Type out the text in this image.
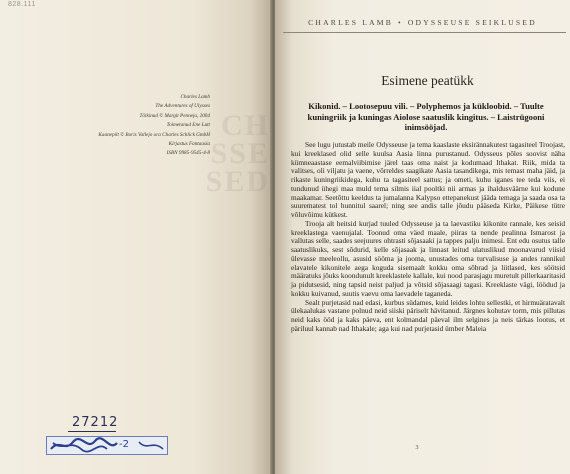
828.111
CH
SSE
SED
Charles Lamb
The Adventures of Ulysses
Tõlkinud © Margit Penneja, 2004
Toimetanud Ene Lutt
Kaanepilt © Boris Vallejo ora Charles Schlick GmbH
Kirjastus Fantaasia
ISBN 9985-9545-4-8
27212
-2
CHARLES LAMB • ODYSSEUSE SEIKLUSED
Esimene peatükk
Kikonid. – Lootosepuu vili. – Polyphemos ja kükloobid. – Tuulte kuningriik ja kuningas Aiolose saatuslik kingitus. – Laistrügooni inimsööjad.

See lugu jutustab meile Odysseuse ja tema kaaslaste eksirännakutest tagasiteel Troojast, kui kreeklased olid selle kuulsa Aasia linna purustanud. Odysseus põles soovist näha kümneaastase eemalviibimise järel taas oma naist ja kodumaad Ithakat. Riik, mida ta valitses, oli viljatu ja vaene, võrreldes saagikate Aasia tasandikega, mis temast maha jäid, ja rikaste kuningriikidega, kuhu ta tagasiteel sattus; ja ometi, kuhu iganes tee teda viis, ei tundunud ühegi maa muld tema silmis iial pooltki nii armas ja ihaldusväärne kui kodune maakamar. Seetõttu keeldus ta jumalanna Kalypso ettepanekust jääda temaga ja saada osa ta suurematest tol hunnitul saarel; ning see andis talle jõudu pääseda Kirke, Päikese tütre võluvõimu kütkest.

Trooja alt heitsid kurjad tuuled Odysseuse ja ta laevastiku kikonite rannale, kes seisid kreeklastega vaenujalal. Toonud oma väed maale, piiras ta nende pealinna Ismarost ja vallutas selle, saades seejuures ohtrasti sõjasaaki ja tappes palju inimesi. Ent edu osutus talle saatuslikuks, sest sõdurid, kelle sõjasaak ja linnast leitud ulatuslikud moonavarud viisid ülevasse meeleollu, asusid sööma ja jooma, unustades oma turvalisuse ja andes rannikul elavatele kikonitele aega koguda sisemaalt kokku oma sõbrad ja liitlased, kes söötsid määratuks jõuks koondunult kreeklastele kallale, kui nood parasjagu muretult pillerkaaritasid ja pidutsesid, ning tapsid neist paljud ja võtsid sõjasaagi tagasi. Kreeklaste vägi, löödud ja kokku kuivanud, suutis vaevu oma laevadele taganeda.

Sealt purjetasid nad edasi, kurbus südames, kuid leides lohtu sellestki, et hirmuäratavalt ülekaalukas vastane polnud neid siiski päriselt hävitanud. Järgnes kohutav torm, mis pillutas neid kaks ööd ja kaks päeva, ent kolmandal päeval ilm selgines ja neis tärkas lootus, et päriluul kannab nad Ithakale; aga kui nad purjetasid ümber Maleia

3
